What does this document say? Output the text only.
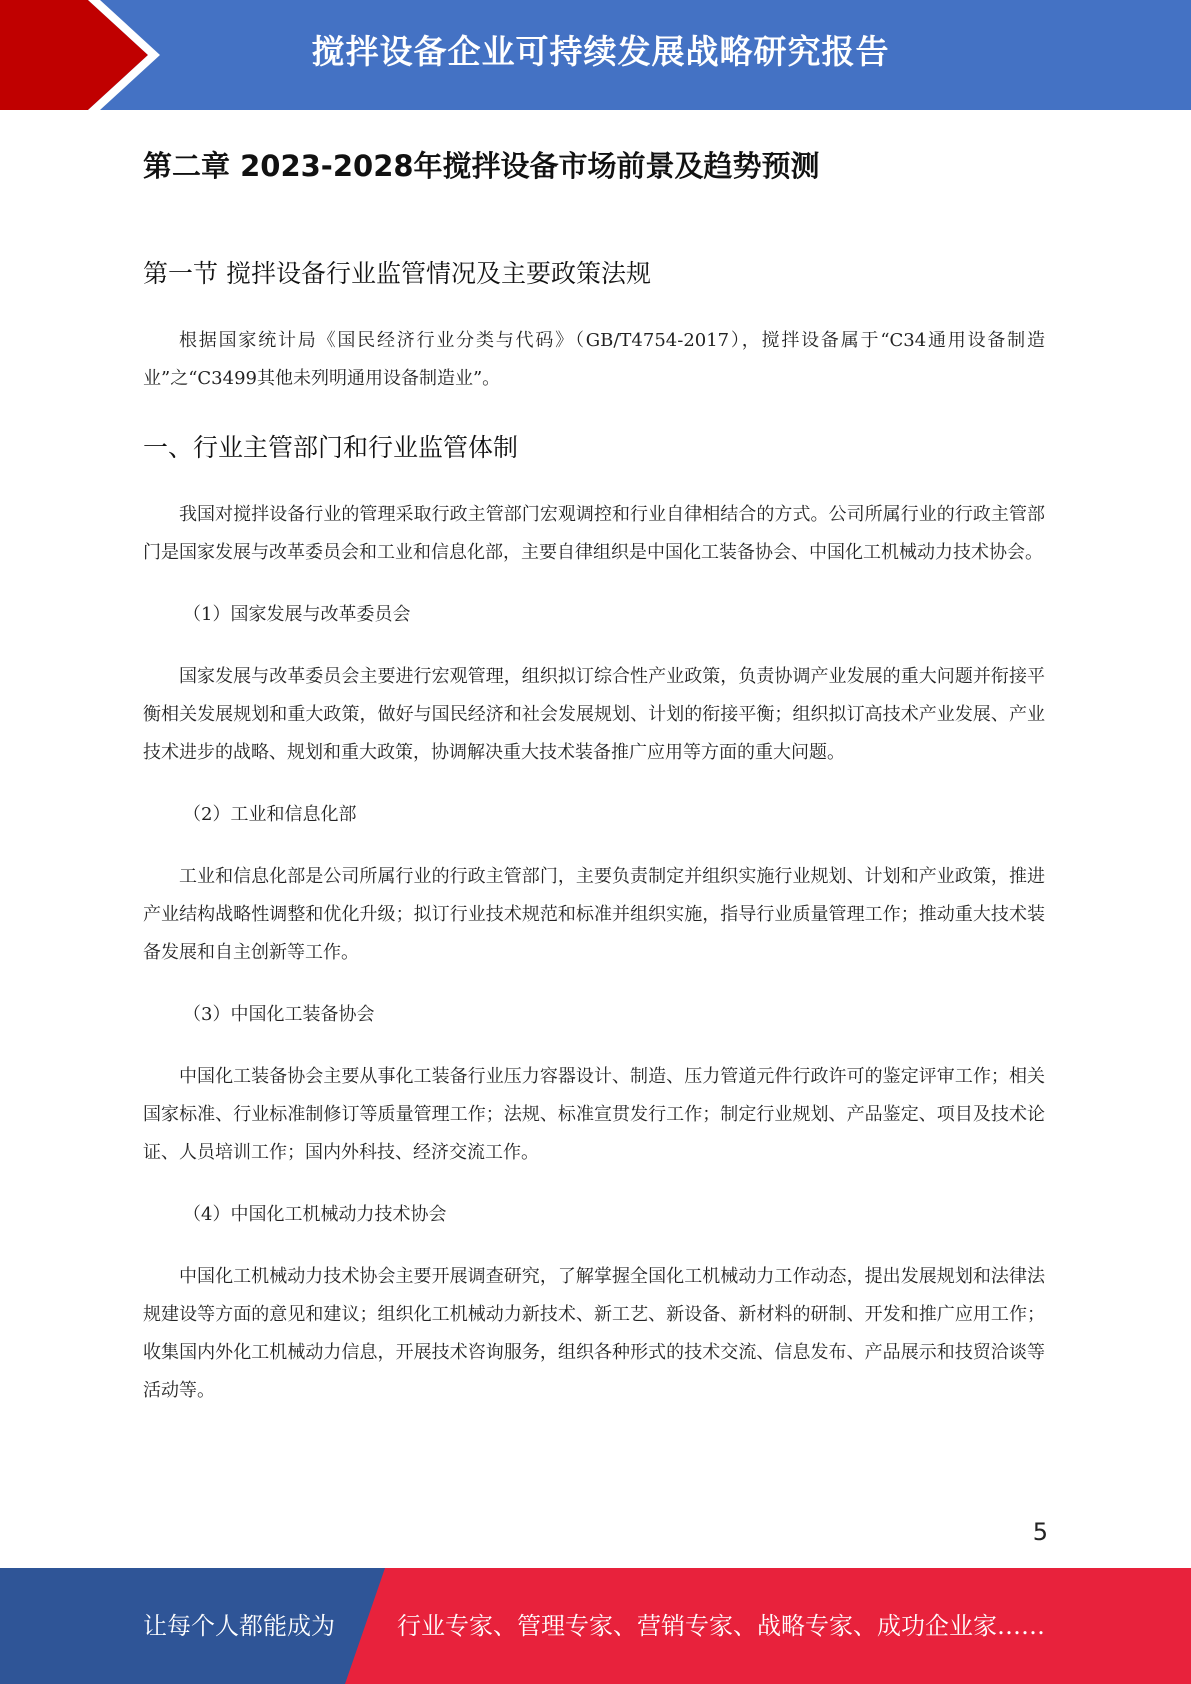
搅拌设备企业可持续发展战略研究报告
第二章 2023-2028年搅拌设备市场前景及趋势预测
第一节 搅拌设备行业监管情况及主要政策法规

根据国家统计局《国民经济行业分类与代码》（GB/T4754-2017），搅拌设备属于“C34通用设备制造业”之“C3499其他未列明通用设备制造业”。

一、行业主管部门和行业监管体制

我国对搅拌设备行业的管理采取行政主管部门宏观调控和行业自律相结合的方式。公司所属行业的行政主管部门是国家发展与改革委员会和工业和信息化部，主要自律组织是中国化工装备协会、中国化工机械动力技术协会。

（1）国家发展与改革委员会

国家发展与改革委员会主要进行宏观管理，组织拟订综合性产业政策，负责协调产业发展的重大问题并衔接平衡相关发展规划和重大政策，做好与国民经济和社会发展规划、计划的衔接平衡；组织拟订高技术产业发展、产业技术进步的战略、规划和重大政策，协调解决重大技术装备推广应用等方面的重大问题。

（2）工业和信息化部

工业和信息化部是公司所属行业的行政主管部门，主要负责制定并组织实施行业规划、计划和产业政策，推进产业结构战略性调整和优化升级；拟订行业技术规范和标准并组织实施，指导行业质量管理工作；推动重大技术装备发展和自主创新等工作。

（3）中国化工装备协会

中国化工装备协会主要从事化工装备行业压力容器设计、制造、压力管道元件行政许可的鉴定评审工作；相关国家标准、行业标准制修订等质量管理工作；法规、标准宣贯发行工作；制定行业规划、产品鉴定、项目及技术论证、人员培训工作；国内外科技、经济交流工作。

（4）中国化工机械动力技术协会

中国化工机械动力技术协会主要开展调查研究，了解掌握全国化工机械动力工作动态，提出发展规划和法律法规建设等方面的意见和建议；组织化工机械动力新技术、新工艺、新设备、新材料的研制、开发和推广应用工作；收集国内外化工机械动力信息，开展技术咨询服务，组织各种形式的技术交流、信息发布、产品展示和技贸洽谈等活动等。

5
让每个人都能成为	行业专家、管理专家、营销专家、战略专家、成功企业家……
